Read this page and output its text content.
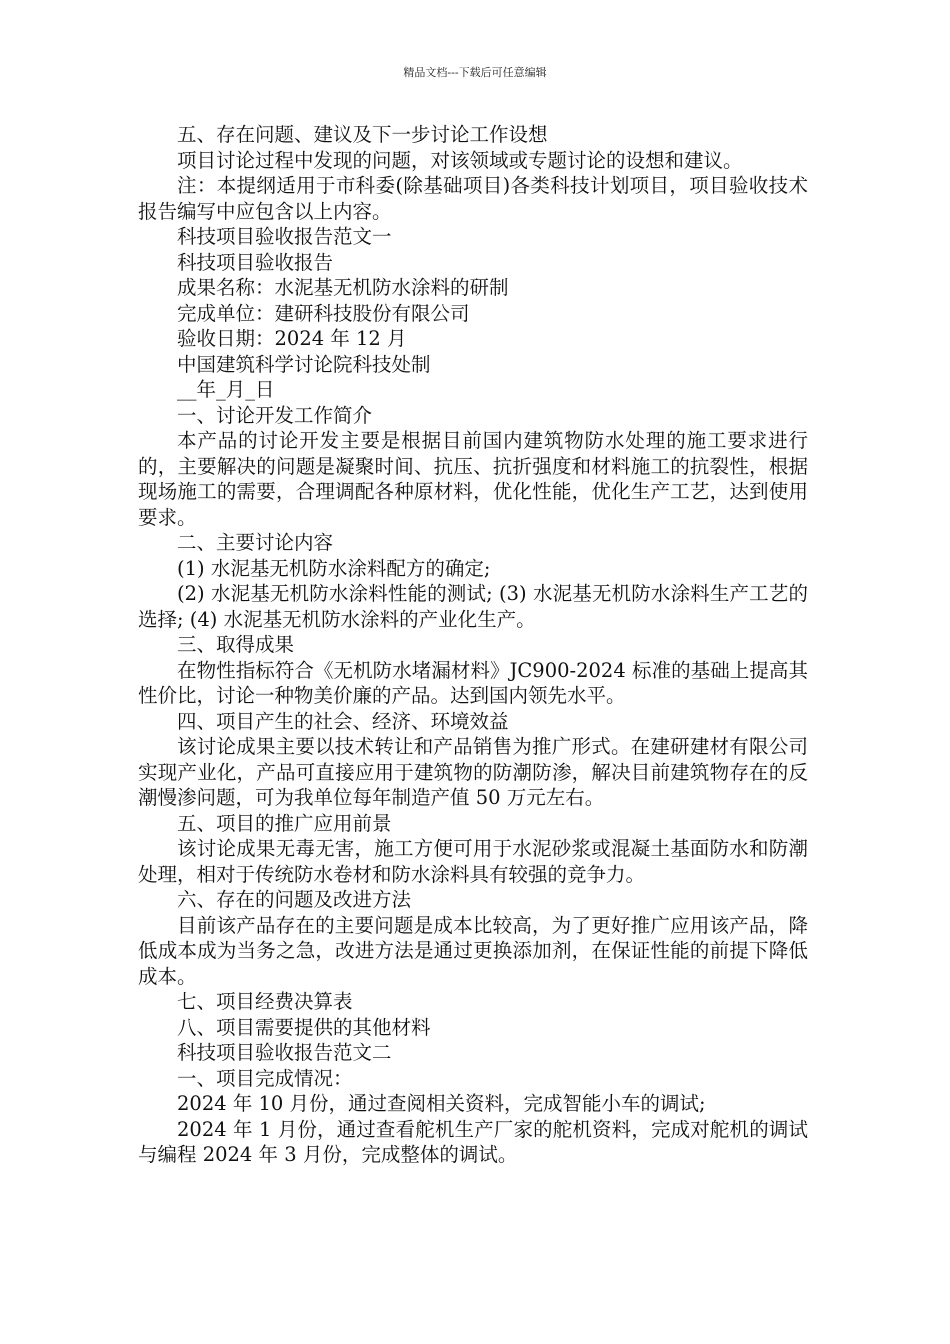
精品文档---下载后可任意编辑

五、存在问题、建议及下一步讨论工作设想

项目讨论过程中发现的问题，对该领域或专题讨论的设想和建议。

注：本提纲适用于市科委(除基础项目)各类科技计划项目，项目验收技术报告编写中应包含以上内容。

科技项目验收报告范文一

科技项目验收报告

成果名称：水泥基无机防水涂料的研制

完成单位：建研科技股份有限公司

验收日期：2024 年 12 月

中国建筑科学讨论院科技处制

__年_月_日

一、讨论开发工作简介

本产品的讨论开发主要是根据目前国内建筑物防水处理的施工要求进行的，主要解决的问题是凝聚时间、抗压、抗折强度和材料施工的抗裂性，根据现场施工的需要，合理调配各种原材料，优化性能，优化生产工艺，达到使用要求。

二、主要讨论内容

(1) 水泥基无机防水涂料配方的确定;

(2) 水泥基无机防水涂料性能的测试; (3) 水泥基无机防水涂料生产工艺的选择; (4) 水泥基无机防水涂料的产业化生产。

三、取得成果

在物性指标符合《无机防水堵漏材料》JC900-2024 标准的基础上提高其性价比，讨论一种物美价廉的产品。达到国内领先水平。

四、项目产生的社会、经济、环境效益

该讨论成果主要以技术转让和产品销售为推广形式。在建研建材有限公司实现产业化，产品可直接应用于建筑物的防潮防渗，解决目前建筑物存在的反潮慢渗问题，可为我单位每年制造产值 50 万元左右。

五、项目的推广应用前景

该讨论成果无毒无害，施工方便可用于水泥砂浆或混凝土基面防水和防潮处理，相对于传统防水卷材和防水涂料具有较强的竞争力。

六、存在的问题及改进方法

目前该产品存在的主要问题是成本比较高，为了更好推广应用该产品，降低成本成为当务之急，改进方法是通过更换添加剂，在保证性能的前提下降低成本。

七、项目经费决算表

八、项目需要提供的其他材料

科技项目验收报告范文二

一、项目完成情况：

2024 年 10 月份，通过查阅相关资料，完成智能小车的调试;

2024 年 1 月份，通过查看舵机生产厂家的舵机资料，完成对舵机的调试与编程 2024 年 3 月份，完成整体的调试。
